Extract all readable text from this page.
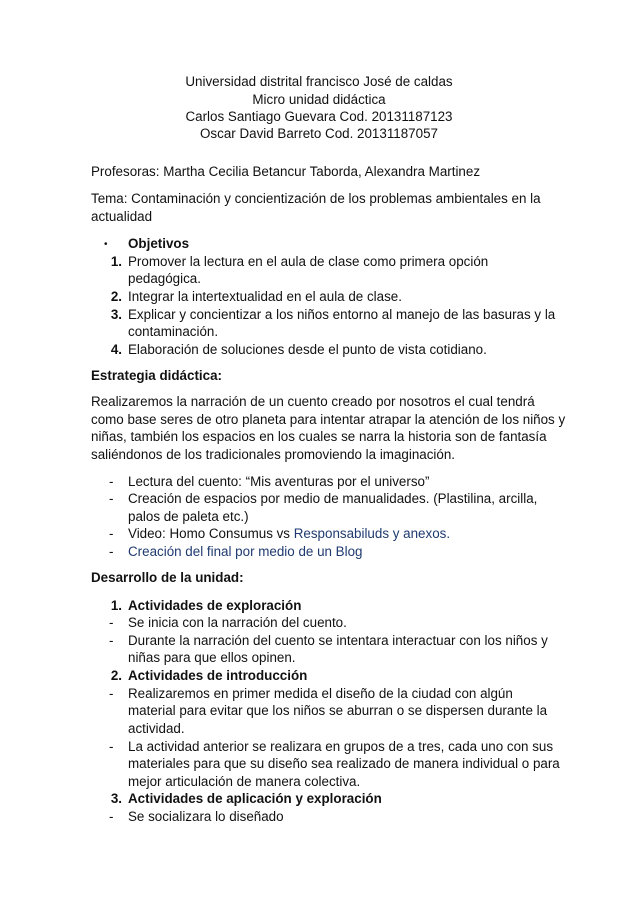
Universidad distrital francisco José de caldas
Micro unidad didáctica
Carlos Santiago Guevara Cod. 20131187123
Oscar David Barreto Cod. 20131187057
Profesoras: Martha Cecilia Betancur Taborda, Alexandra Martinez
Tema: Contaminación y concientización de los problemas ambientales en la
actualidad
• Objetivos
1. Promover la lectura en el aula de clase como primera opción
pedagógica.
2. Integrar la intertextualidad en el aula de clase.
3. Explicar y concientizar a los niños entorno al manejo de las basuras y la
contaminación.
4. Elaboración de soluciones desde el punto de vista cotidiano.
Estrategia didáctica:
Realizaremos la narración de un cuento creado por nosotros el cual tendrá
como base seres de otro planeta para intentar atrapar la atención de los niños y
niñas, también los espacios en los cuales se narra la historia son de fantasía
saliéndonos de los tradicionales promoviendo la imaginación.
-	Lectura del cuento: “Mis aventuras por el universo”
-	Creación de espacios por medio de manualidades. (Plastilina, arcilla,
palos de paleta etc.)
-	Video: Homo Consumus vs Responsabiluds y anexos.
-	Creación del final por medio de un Blog
Desarrollo de la unidad:
1. Actividades de exploración
-	Se inicia con la narración del cuento.
-	Durante la narración del cuento se intentara interactuar con los niños y
niñas para que ellos opinen.
2. Actividades de introducción
-	Realizaremos en primer medida el diseño de la ciudad con algún
material para evitar que los niños se aburran o se dispersen durante la
actividad.
-	La actividad anterior se realizara en grupos de a tres, cada uno con sus
materiales para que su diseño sea realizado de manera individual o para
mejor articulación de manera colectiva.
3. Actividades de aplicación y exploración
-	Se socializara lo diseñado
